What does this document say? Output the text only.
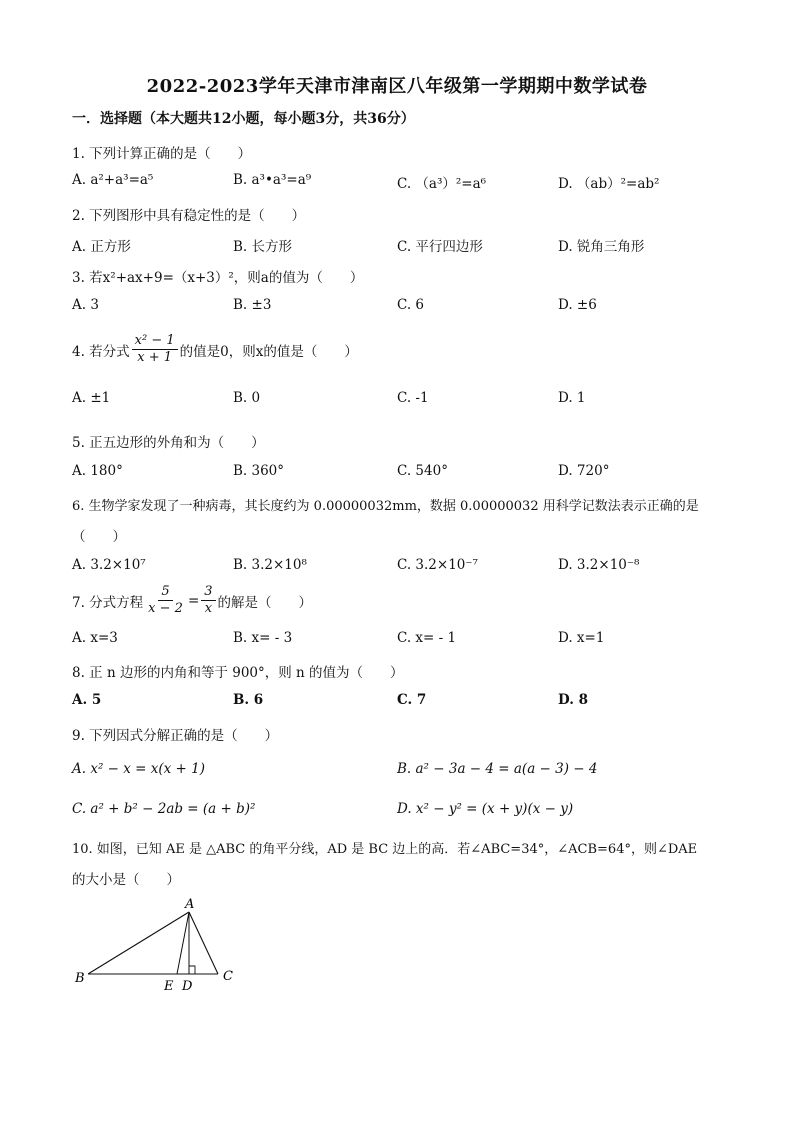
2022-2023学年天津市津南区八年级第一学期期中数学试卷
一．选择题（本大题共12小题，每小题3分，共36分）
1. 下列计算正确的是（　　）
A. a²+a³=a⁵	B. a³•a³=a⁹	C. （a³）²=a⁶	D. （ab）²=ab²
2. 下列图形中具有稳定性的是（　　）
A. 正方形	B. 长方形	C. 平行四边形	D. 锐角三角形
3. 若x²+ax+9=（x+3）²，则a的值为（　　）
A. 3	B. ±3	C. 6	D. ±6
4. 若分式 $\frac{\text{x² − 1}}{x + 1}$ 的值是0，则x的值是（　　）
A. ±1	B. 0	C. -1	D. 1
5. 正五边形的外角和为（　　）
A. 180°	B. 360°	C. 540°	D. 720°
6. 生物学家发现了一种病毒，其长度约为 0.00000032mm，数据 0.00000032 用科学记数法表示正确的是
（　　）
A. 3.2×10⁷	B. 3.2×10⁸	C. 3.2×10⁻⁷	D. 3.2×10⁻⁸
7. 分式方程 $\frac{5}{x - 2} = \frac{3}{x}$ 的解是（　　）
A. x=3	B. x= - 3	C. x= - 1	D. x=1
8. 正 n 边形的内角和等于 900°，则 n 的值为（　　）
A. 5	B. 6	C. 7	D. 8
9. 下列因式分解正确的是（　　）
A. x² − x = x(x + 1)	B. a² − 3a − 4 = a(a − 3) − 4
C. a² + b² − 2ab = (a + b)²	D. x² − y² = (x + y)(x − y)
10. 如图，已知 AE 是 △ABC 的角平分线，AD 是 BC 边上的高．若∠ABC=34°，∠ACB=64°，则∠DAE
的大小是（　　）
A
B	C
D
E
